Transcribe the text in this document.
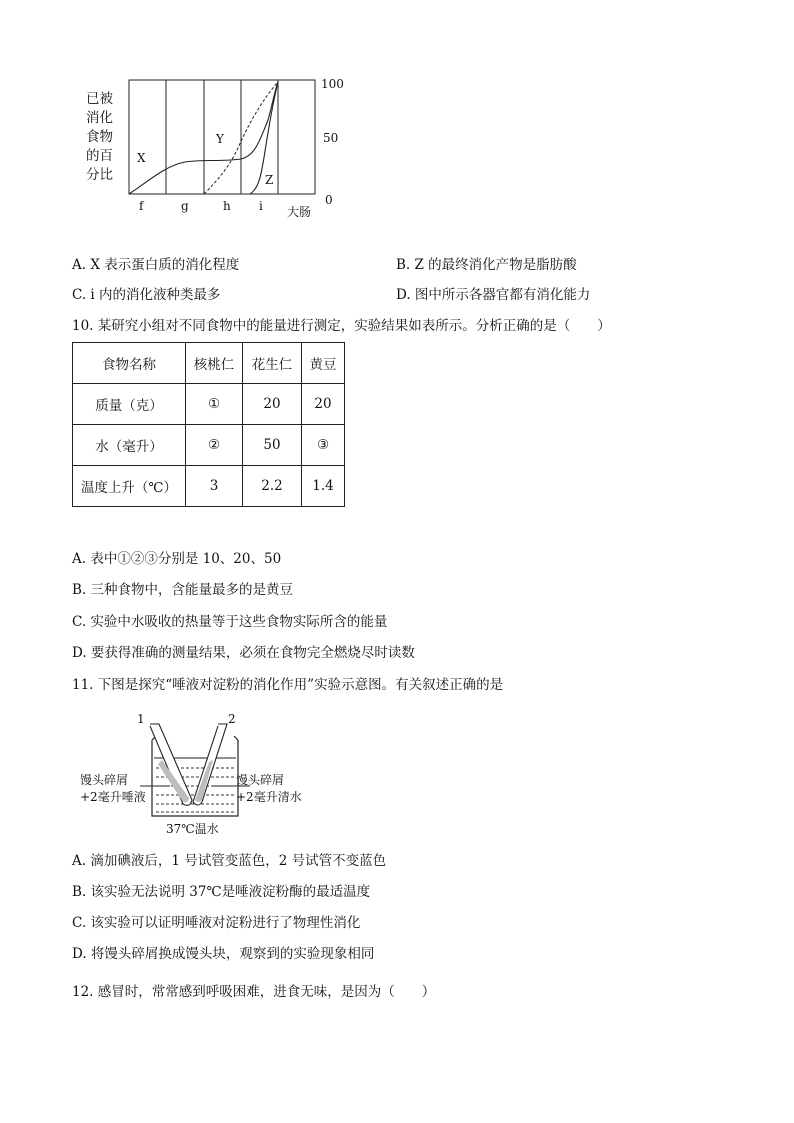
已被
消化
食物
的百
分比
X
Y
Z
100
50
0
f	g	h i 大肠
A. X 表示蛋白质的消化程度	B. Z 的最终消化产物是脂肪酸
C. i 内的消化液种类最多	D. 图中所示各器官都有消化能力
10. 某研究小组对不同食物中的能量进行测定，实验结果如表所示。分析正确的是（　　）
食物名称	核桃仁	花生仁	黄豆
质量（克）	①	20	20
水（毫升）	②	50	③
温度上升（℃）	3	2.2	1.4
A. 表中①②③分别是 10、20、50
B. 三种食物中，含能量最多的是黄豆
C. 实验中水吸收的热量等于这些食物实际所含的能量
D. 要获得准确的测量结果，必须在食物完全燃烧尽时读数
11. 下图是探究“唾液对淀粉的消化作用”实验示意图。有关叙述正确的是
1	2
馒头碎屑
+2毫升唾液
馒头碎屑
+2毫升清水
37℃温水
A. 滴加碘液后，1 号试管变蓝色，2 号试管不变蓝色
B. 该实验无法说明 37℃是唾液淀粉酶的最适温度
C. 该实验可以证明唾液对淀粉进行了物理性消化
D. 将馒头碎屑换成馒头块，观察到的实验现象相同
12. 感冒时，常常感到呼吸困难，进食无味，是因为（　　）
